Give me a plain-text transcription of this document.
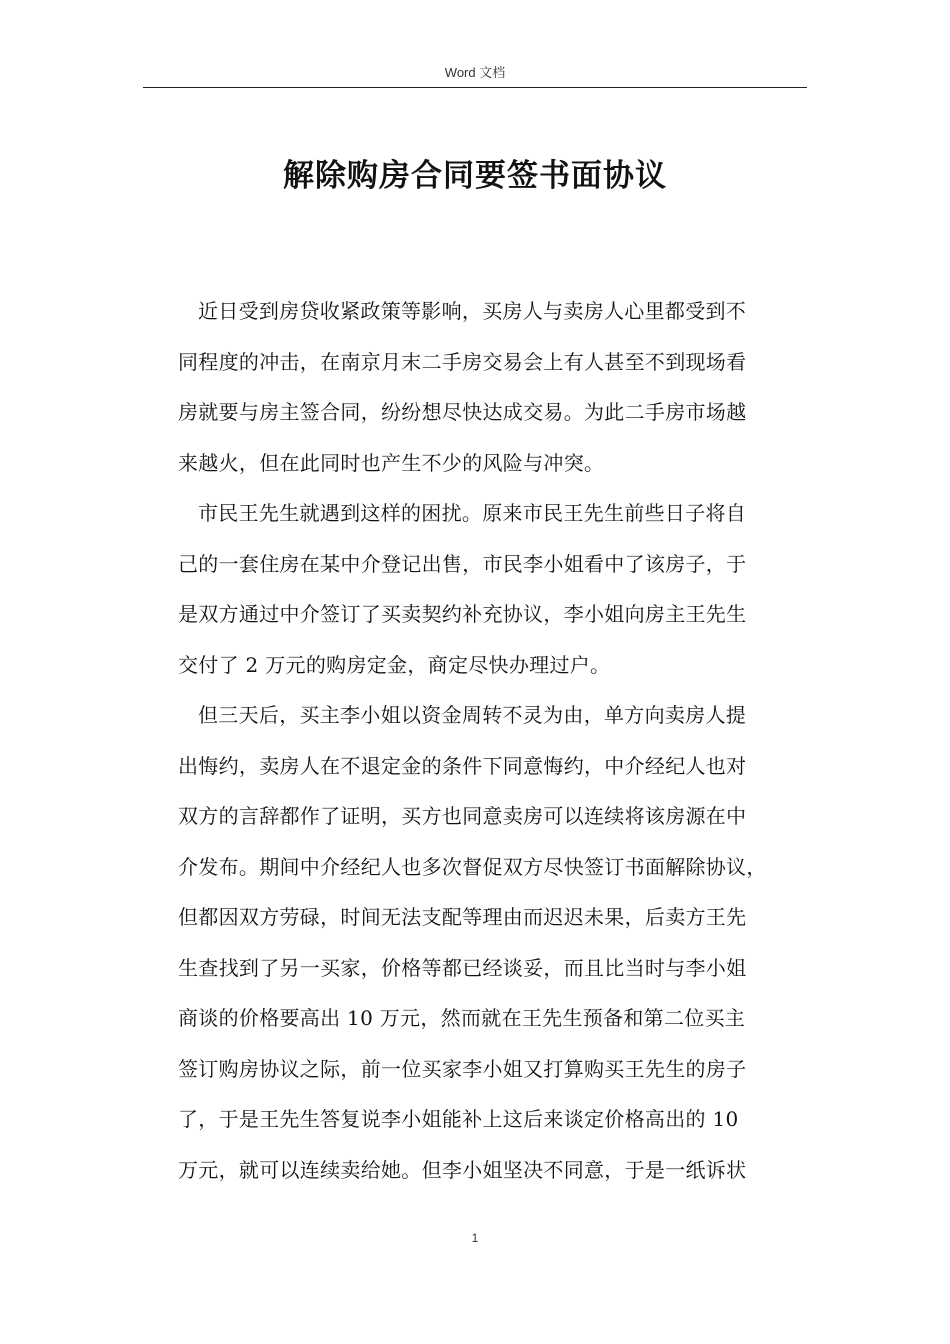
Word 文档
解除购房合同要签书面协议
近日受到房贷收紧政策等影响，买房人与卖房人心里都受到不
同程度的冲击，在南京月末二手房交易会上有人甚至不到现场看
房就要与房主签合同，纷纷想尽快达成交易。为此二手房市场越
来越火，但在此同时也产生不少的风险与冲突。
市民王先生就遇到这样的困扰。原来市民王先生前些日子将自
己的一套住房在某中介登记出售，市民李小姐看中了该房子，于
是双方通过中介签订了买卖契约补充协议，李小姐向房主王先生
交付了 2 万元的购房定金，商定尽快办理过户。
但三天后，买主李小姐以资金周转不灵为由，单方向卖房人提
出悔约，卖房人在不退定金的条件下同意悔约，中介经纪人也对
双方的言辞都作了证明，买方也同意卖房可以连续将该房源在中
介发布。期间中介经纪人也多次督促双方尽快签订书面解除协议，
但都因双方劳碌，时间无法支配等理由而迟迟未果，后卖方王先
生查找到了另一买家，价格等都已经谈妥，而且比当时与李小姐
商谈的价格要高出 10 万元，然而就在王先生预备和第二位买主
签订购房协议之际，前一位买家李小姐又打算购买王先生的房子
了，于是王先生答复说李小姐能补上这后来谈定价格高出的 10
万元，就可以连续卖给她。但李小姐坚决不同意，于是一纸诉状
1
